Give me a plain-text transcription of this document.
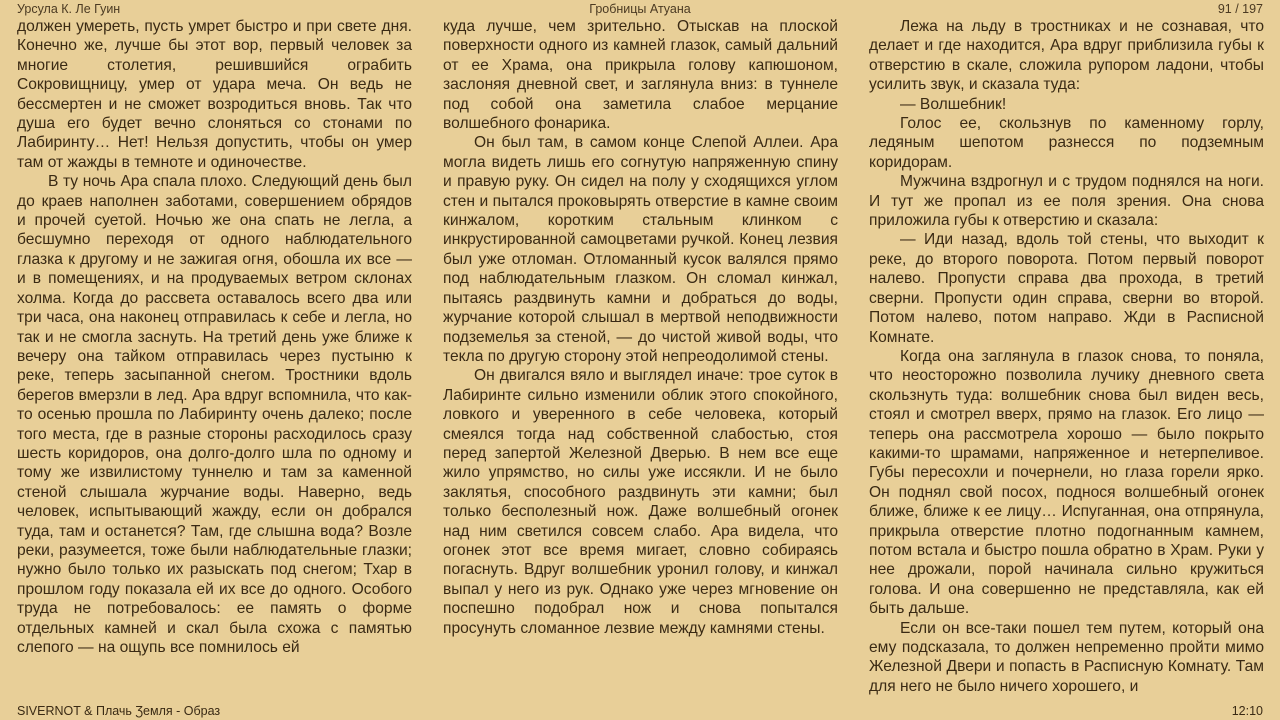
Урсула К. Ле Гуин	Гробницы Атуана	91 / 197

должен умереть, пусть умрет быстро и при свете дня. Конечно же, лучше бы этот вор, первый человек за многие столетия, решившийся ограбить Сокровищницу, умер от удара меча. Он ведь не бессмертен и не сможет возродиться вновь. Так что душа его будет вечно слоняться со стонами по Лабиринту… Нет! Нельзя допустить, чтобы он умер там от жажды в темноте и одиночестве.

В ту ночь Ара спала плохо. Следующий день был до краев наполнен заботами, совершением обрядов и прочей суетой. Ночью же она спать не легла, а бесшумно переходя от одного наблюдательного глазка к другому и не зажигая огня, обошла их все — и в помещениях, и на продуваемых ветром склонах холма. Когда до рассвета оставалось всего два или три часа, она наконец отправилась к себе и легла, но так и не смогла заснуть. На третий день уже ближе к вечеру она тайком отправилась через пустыню к реке, теперь засыпанной снегом. Тростники вдоль берегов вмерзли в лед. Ара вдруг вспомнила, что как-то осенью прошла по Лабиринту очень далеко; после того места, где в разные стороны расходилось сразу шесть коридоров, она долго-долго шла по одному и тому же извилистому туннелю и там за каменной стеной слышала журчание воды. Наверно, ведь человек, испытывающий жажду, если он добрался туда, там и останется? Там, где слышна вода? Возле реки, разумеется, тоже были наблюдательные глазки; нужно было только их разыскать под снегом; Тхар в прошлом году показала ей их все до одного. Особого труда не потребовалось: ее память о форме отдельных камней и скал была схожа с памятью слепого — на ощупь все помнилось ей

куда лучше, чем зрительно. Отыскав на плоской поверхности одного из камней глазок, самый дальний от ее Храма, она прикрыла голову капюшоном, заслоняя дневной свет, и заглянула вниз: в туннеле под собой она заметила слабое мерцание волшебного фонарика.

Он был там, в самом конце Слепой Аллеи. Ара могла видеть лишь его согнутую напряженную спину и правую руку. Он сидел на полу у сходящихся углом стен и пытался проковырять отверстие в камне своим кинжалом, коротким стальным клинком с инкрустированной самоцветами ручкой. Конец лезвия был уже отломан. Отломанный кусок валялся прямо под наблюдательным глазком. Он сломал кинжал, пытаясь раздвинуть камни и добраться до воды, журчание которой слышал в мертвой неподвижности подземелья за стеной, — до чистой живой воды, что текла по другую сторону этой непреодолимой стены.

Он двигался вяло и выглядел иначе: трое суток в Лабиринте сильно изменили облик этого спокойного, ловкого и уверенного в себе человека, который смеялся тогда над собственной слабостью, стоя перед запертой Железной Дверью. В нем все еще жило упрямство, но силы уже иссякли. И не было заклятья, способного раздвинуть эти камни; был только бесполезный нож. Даже волшебный огонек над ним светился совсем слабо. Ара видела, что огонек этот все время мигает, словно собираясь погаснуть. Вдруг волшебник уронил голову, и кинжал выпал у него из рук. Однако уже через мгновение он поспешно подобрал нож и снова попытался просунуть сломанное лезвие между камнями стены.

Лежа на льду в тростниках и не сознавая, что делает и где находится, Ара вдруг приблизила губы к отверстию в скале, сложила рупором ладони, чтобы усилить звук, и сказала туда:

— Волшебник!

Голос ее, скользнув по каменному горлу, ледяным шепотом разнесся по подземным коридорам.

Мужчина вздрогнул и с трудом поднялся на ноги. И тут же пропал из ее поля зрения. Она снова приложила губы к отверстию и сказала:

— Иди назад, вдоль той стены, что выходит к реке, до второго поворота. Потом первый поворот налево. Пропусти справа два прохода, в третий сверни. Пропусти один справа, сверни во второй. Потом налево, потом направо. Жди в Расписной Комнате.

Когда она заглянула в глазок снова, то поняла, что неосторожно позволила лучику дневного света скользнуть туда: волшебник снова был виден весь, стоял и смотрел вверх, прямо на глазок. Его лицо — теперь она рассмотрела хорошо — было покрыто какими-то шрамами, напряженное и нетерпеливое. Губы пересохли и почернели, но глаза горели ярко. Он поднял свой посох, поднося волшебный огонек ближе, ближе к ее лицу… Испуганная, она отпрянула, прикрыла отверстие плотно подогнанным камнем, потом встала и быстро пошла обратно в Храм. Руки у нее дрожали, порой начинала сильно кружиться голова. И она совершенно не представляла, как ей быть дальше.

Если он все-таки пошел тем путем, который она ему подсказала, то должен непременно пройти мимо Железной Двери и попасть в Расписную Комнату. Там для него не было ничего хорошего, и

SIVERNOT & Плачь Ʒемля - Образ	12:10
